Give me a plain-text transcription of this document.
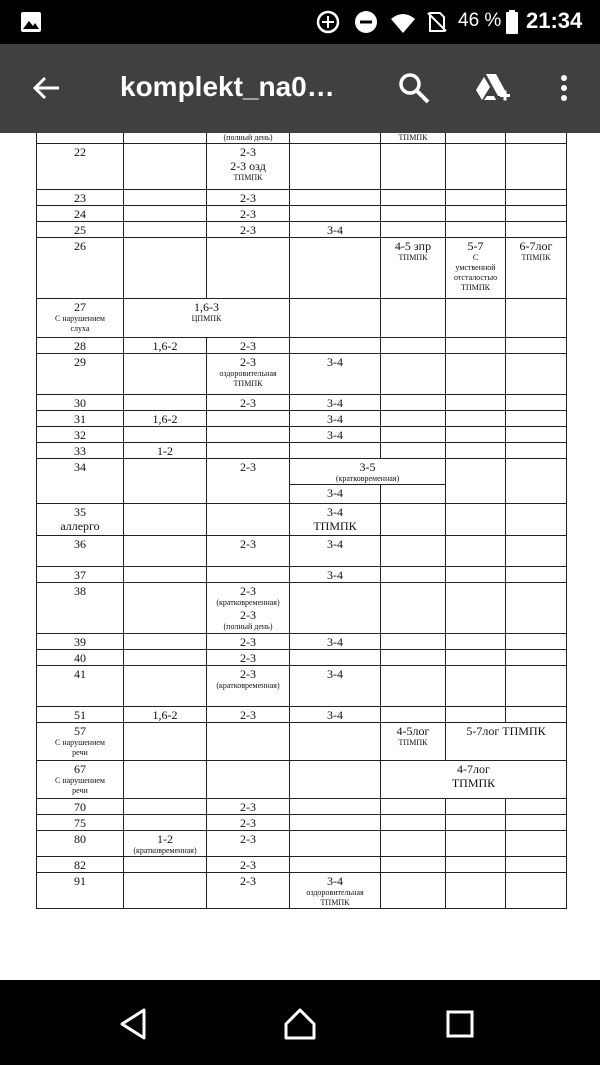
46 % 21:34
komplekt_na0…

		(полный день)		ТПМПК		

22		2-3
2-3 озд
ТПМПК				

23		2-3				
24		2-3				
25		2-3	3-4			
26				4-5 зпр
ТПМПК	5-7
С
умственной
отсталостью
ТПМПК	6-7лог
ТПМПК

27
С нарушением
слуха	1,6-3
ЦПМПК					

28	1,6-2	2-3				
29		2-3
оздоровительная
ТПМПК	3-4			
30		2-3	3-4			
31	1,6-2		3-4			
32			3-4			
33	1-2					
34		2-3	3-5
(кратковременная)			

			3-4			

35
аллерго			3-4
ТПМПК			

36		2-3	3-4			
37			3-4			
38		2-3
(кратковременная)
2-3
(полный день)				

39		2-3	3-4			
40		2-3				
41		2-3
(кратковременная)	3-4			
51	1,6-2	2-3	3-4			

57
С нарушением
речи				4-5лог
ТПМПК	5-7лог ТПМПК	

67
С нарушением
речи				4-7лог
ТПМПК		

70		2-3				
75		2-3				
80	1-2
(кратковременная)	2-3				
82		2-3				
91		2-3	3-4
оздоровительная
ТПМПК			
